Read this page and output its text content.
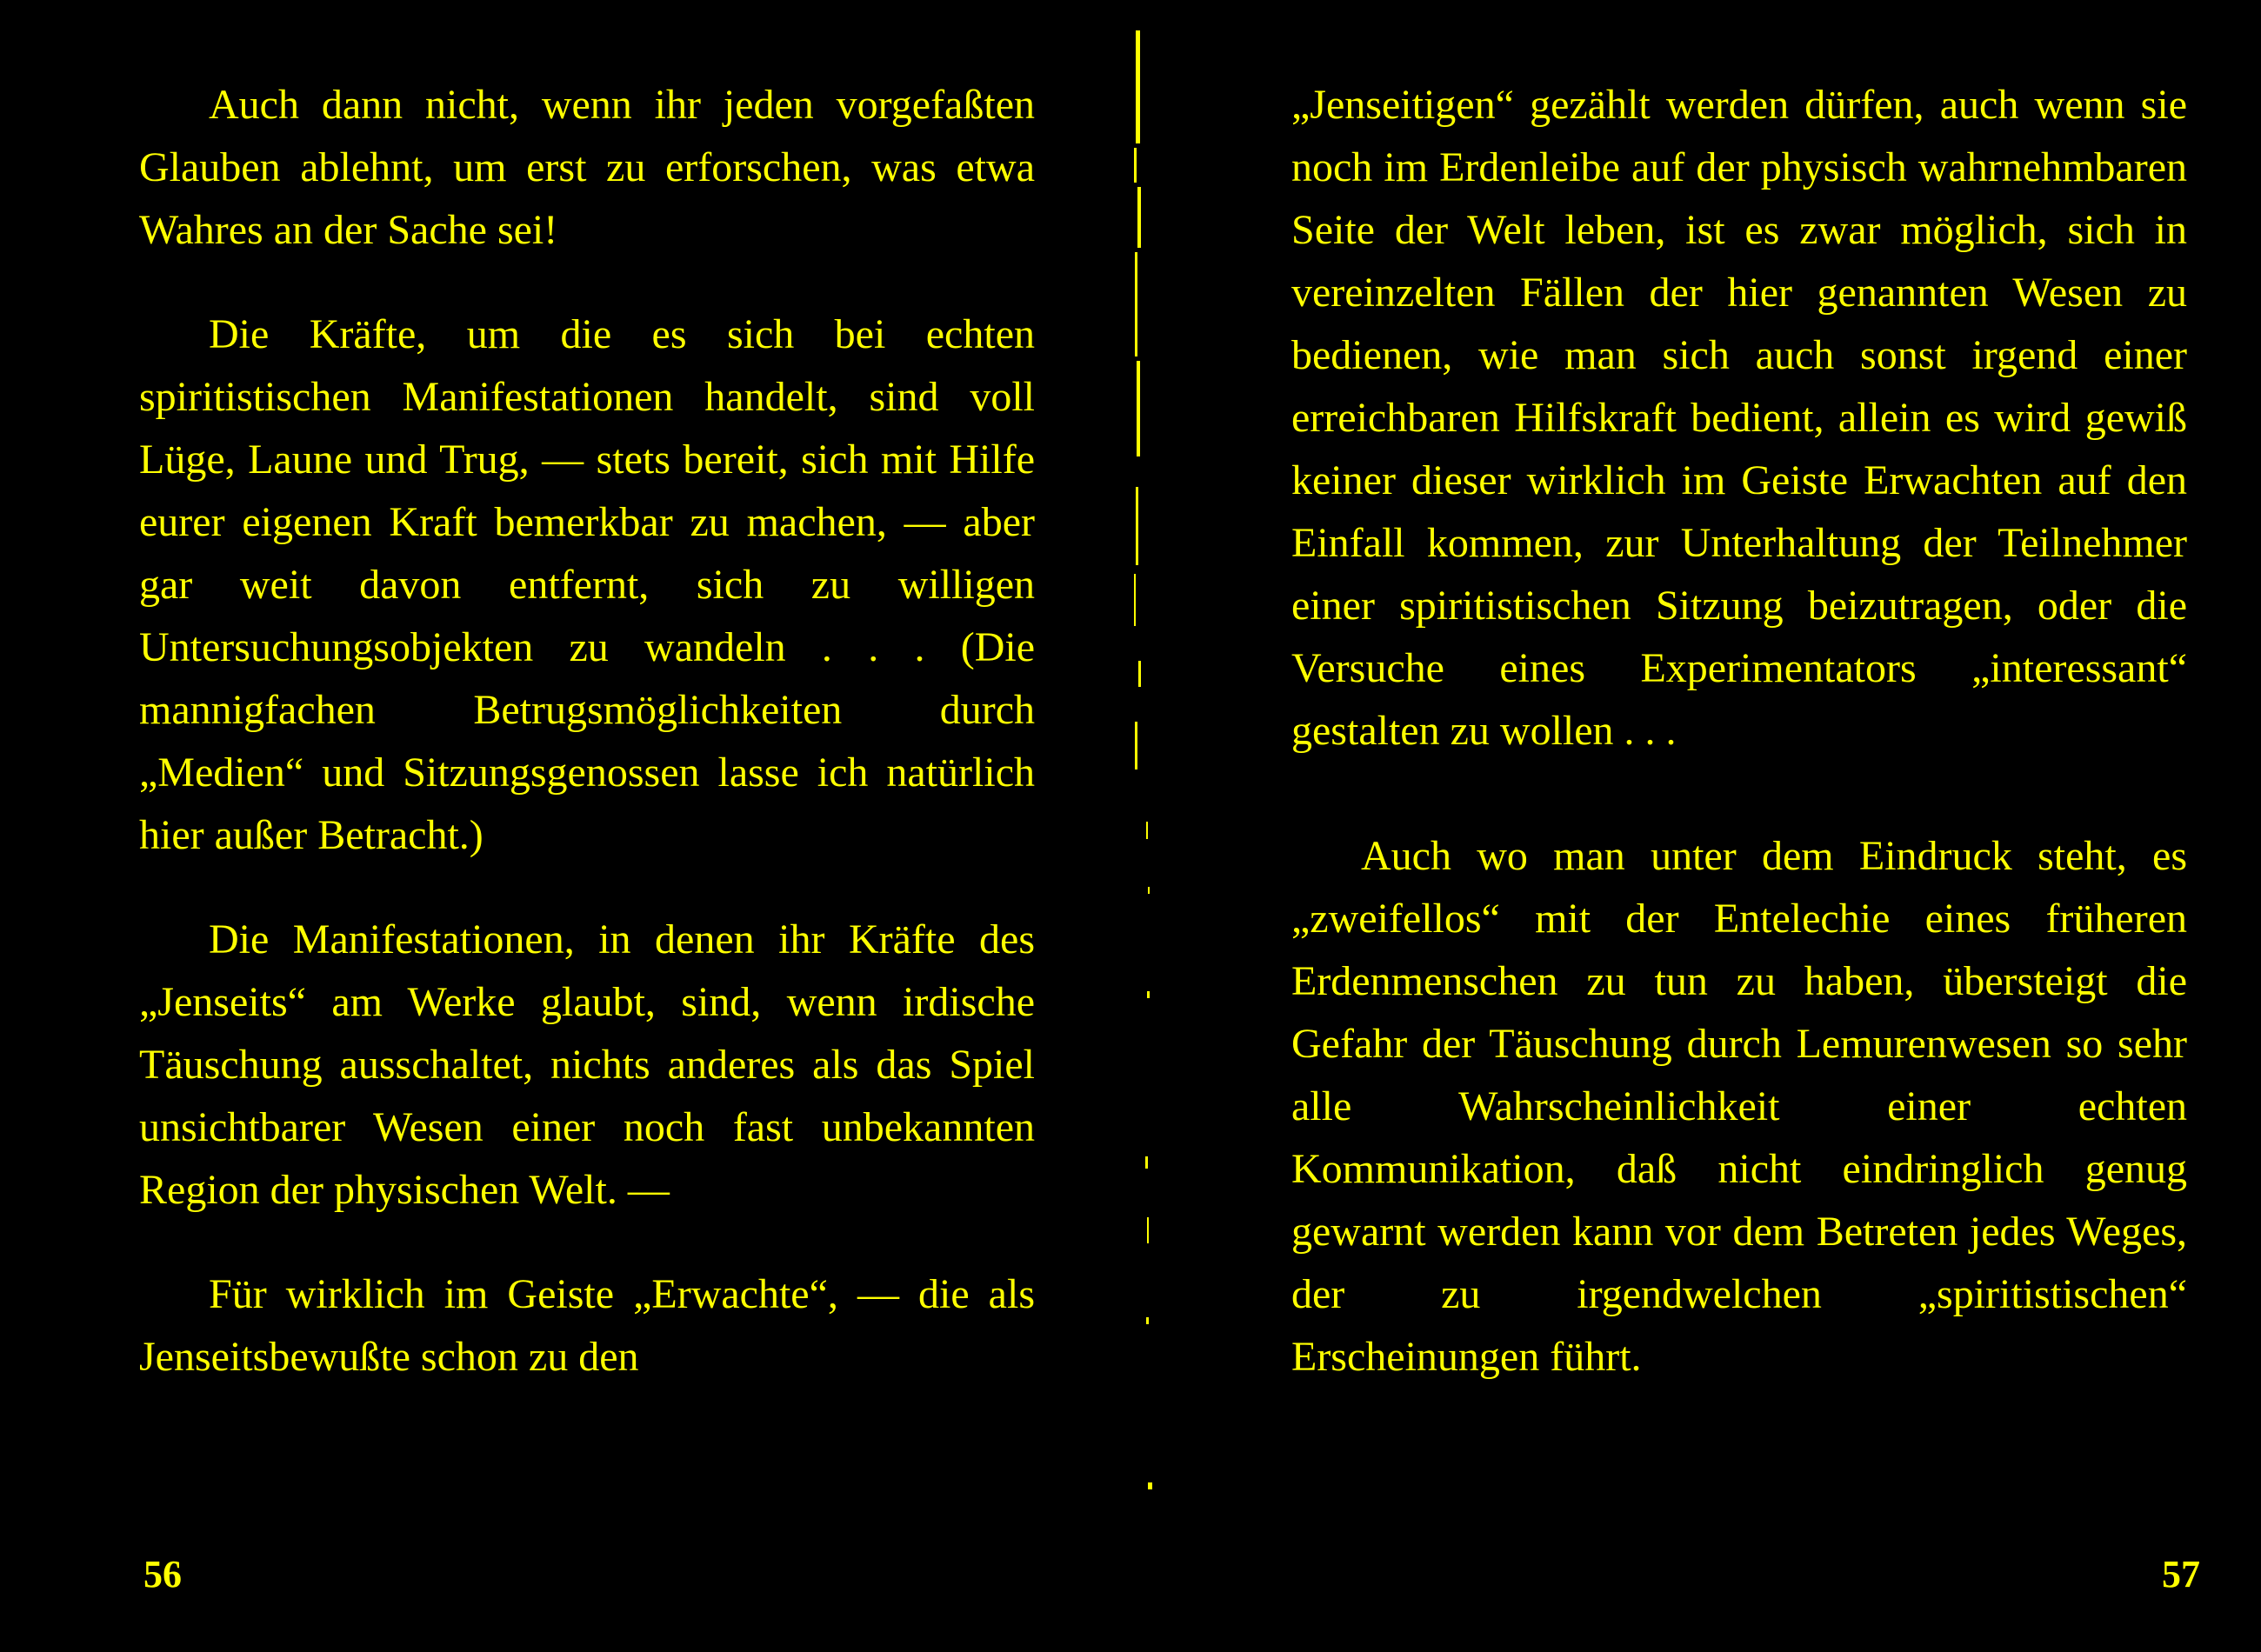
Auch dann nicht, wenn ihr jeden vorgefaßten Glauben ablehnt, um erst zu erforschen, was etwa Wahres an der Sache sei!

Die Kräfte, um die es sich bei echten spiritistischen Manifestationen handelt, sind voll Lüge, Laune und Trug, — stets bereit, sich mit Hilfe eurer eigenen Kraft bemerkbar zu machen, — aber gar weit davon entfernt, sich zu willigen Untersuchungsobjekten zu wandeln . . . (Die mannigfachen Betrugsmöglichkeiten durch „Medien“ und Sitzungsgenossen lasse ich natürlich hier außer Betracht.)

Die Manifestationen, in denen ihr Kräfte des „Jenseits“ am Werke glaubt, sind, wenn irdische Täuschung ausschaltet, nichts anderes als das Spiel unsichtbarer Wesen einer noch fast unbekannten Region der physischen Welt. —

Für wirklich im Geiste „Erwachte“, — die als Jenseitsbewußte schon zu den

56

„Jenseitigen“ gezählt werden dürfen, auch wenn sie noch im Erdenleibe auf der physisch wahrnehmbaren Seite der Welt leben, ist es zwar möglich, sich in vereinzelten Fällen der hier genannten Wesen zu bedienen, wie man sich auch sonst irgend einer erreichbaren Hilfskraft bedient, allein es wird gewiß keiner dieser wirklich im Geiste Erwachten auf den Einfall kommen, zur Unterhaltung der Teilnehmer einer spiritistischen Sitzung beizutragen, oder die Versuche eines Experimentators „interessant“ gestalten zu wollen . . .

Auch wo man unter dem Eindruck steht, es „zweifellos“ mit der Entelechie eines früheren Erdenmenschen zu tun zu haben, übersteigt die Gefahr der Täuschung durch Lemurenwesen so sehr alle Wahrscheinlichkeit einer echten Kommunikation, daß nicht eindringlich genug gewarnt werden kann vor dem Betreten jedes Weges, der zu irgendwelchen „spiritistischen“ Erscheinungen führt.

57
